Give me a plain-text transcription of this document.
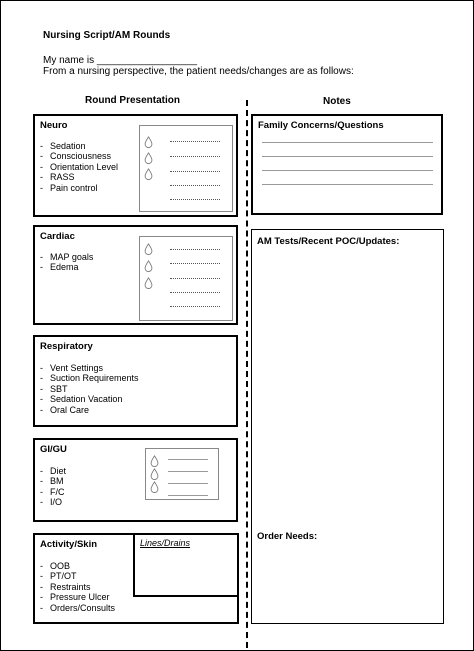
Nursing Script/AM Rounds
My name is __________________
From a nursing perspective, the patient needs/changes are as follows:
Round Presentation	Notes
Neuro
- Sedation
- Consciousness
- Orientation Level
- RASS
- Pain control
Cardiac
- MAP goals
- Edema
Respiratory
- Vent Settings
- Suction Requirements
- SBT
- Sedation Vacation
- Oral Care
GI/GU
- Diet
- BM
- F/C
- I/O
Activity/Skin
- OOB
- PT/OT
- Restraints
- Pressure Ulcer
- Orders/Consults
Lines/Drains
Family Concerns/Questions
AM Tests/Recent POC/Updates:
Order Needs:
